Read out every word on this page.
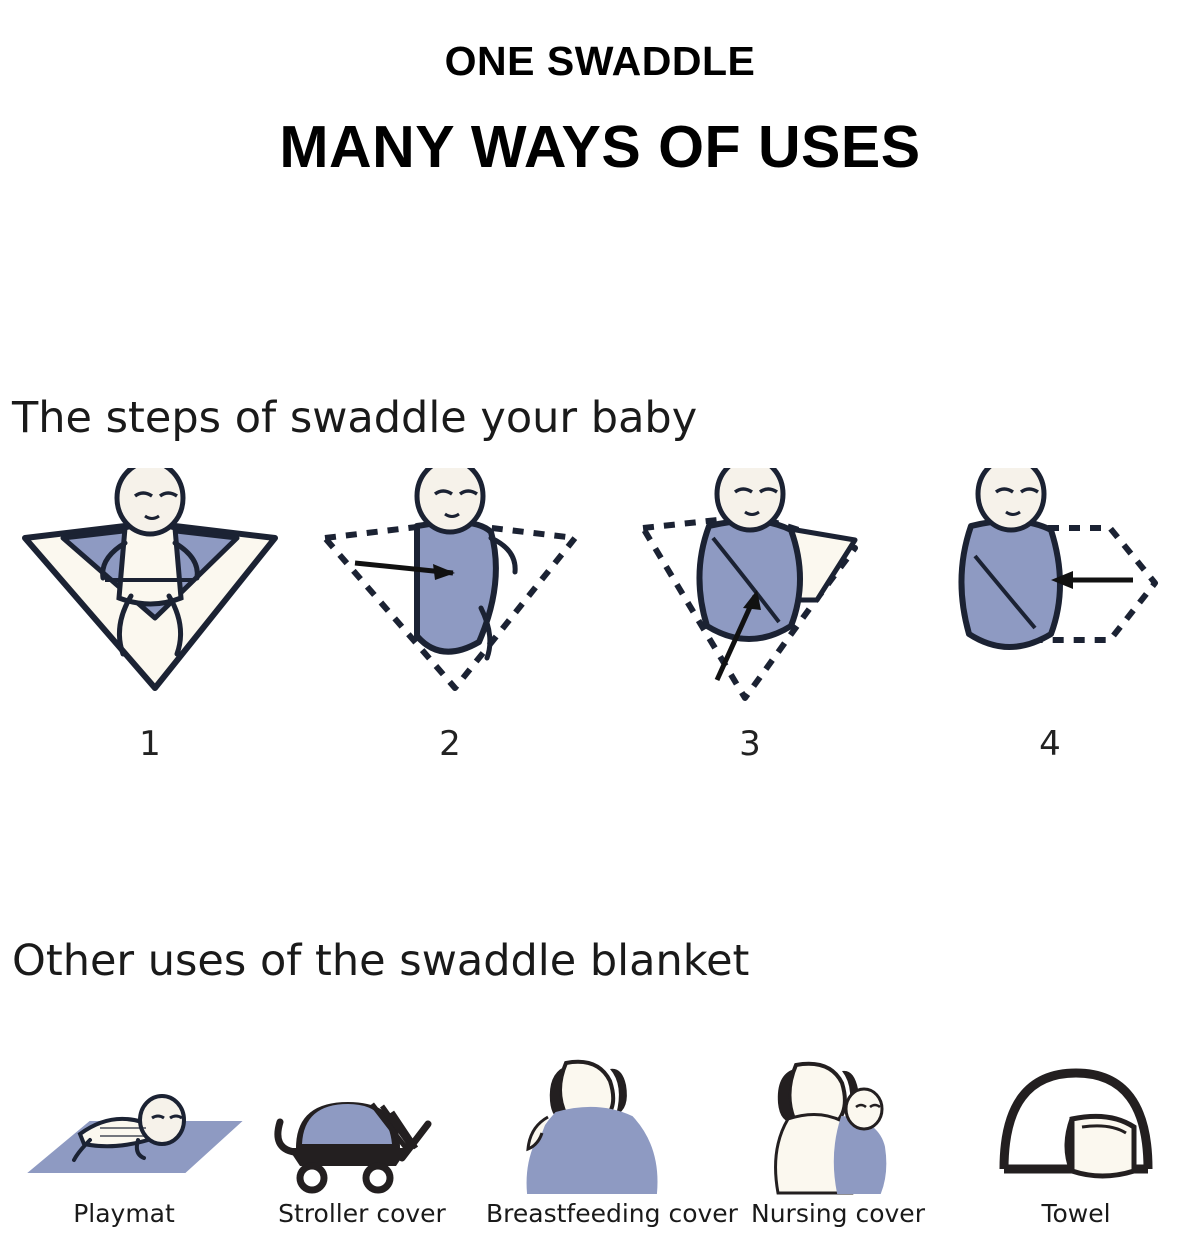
ONE SWADDLE
MANY WAYS OF USES
The steps of swaddle your baby
1	2	3	4
Other uses of the swaddle blanket
Playmat	Stroller cover	Breastfeeding cover Nursing cover	Towel
